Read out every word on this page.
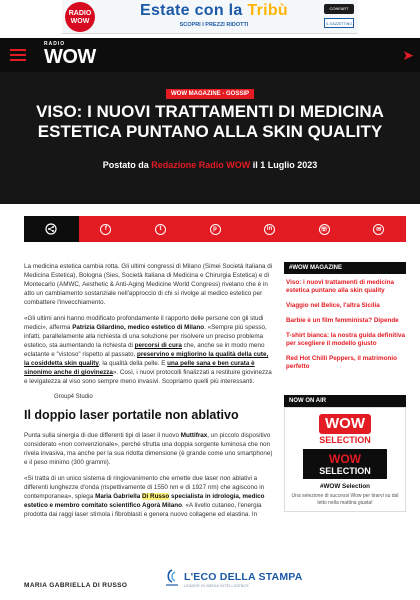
RADIO
WOW
Estate con la Tribù
SCOPRI I PREZZI RIDOTTI
CONFART
IL GAZZETTINO
RADIO
WOW	➤
WOW MAGAZINE - GOSSIP
VISO: I NUOVI TRATTAMENTI DI MEDICINA ESTETICA PUNTANO ALLA SKIN QUALITY
Postato da Redazione Radio WOW il 1 Luglio 2023
f	t	p	in	☏	✉

La medicina estetica cambia rotta. Gli ultimi congressi di Milano (Simei Società Italiana di Medicina Estetica), Bologna (Sies, Società Italiana di Medicina e Chirurgia Estetica) e di Montecarlo (AMWC, Aesthetic & Anti-Aging Medicine World Congress) rivelano che è in atto un cambiamento sostanziale nell'approccio di chi si rivolge al medico estetico per combattere l'invecchiamento.

«Gli ultimi anni hanno modificato profondamente il rapporto delle persone con gli studi medici», afferma Patrizia Gilardino, medico estetico di Milano. «Sempre più spesso, infatti, parallelamente alla richiesta di una soluzione per risolvere un preciso problema estetico, sta aumentando la richiesta di percorsi di cura che, anche se in modo meno eclatante e "vistoso" rispetto al passato, preservino e migliorino la qualità della cute, la cosiddetta skin quality, la qualità della pelle. E una pelle sana e ben curata è sinonimo anche di giovinezza». Così, i nuovi protocolli finalizzati a restituire giovinezza e levigatezza al viso sono sempre meno invasivi. Scopriamo quelli più interessanti.

Group4 Studio

Il doppio laser portatile non ablativo

Punta sulla sinergia di due differenti tipi di laser il nuovo Muttifrax, un piccolo dispositivo considerato «non convenzionale», perché sfrutta una doppia sorgente luminosa che non rivela invasiva, ma anche per la sua ridotta dimensione (è grande come uno smartphone) e il peso minimo (300 grammi).

«Si tratta di un unico sistema di ringiovanimento che emette due laser non ablativi a differenti lunghezze d'onda (rispettivamente di 1550 nm e di 1927 nm) che agiscono in contemporanea», spiega Maria Gabriella Di Russo specialista in idrologia, medico estetico e membro comitato scientifico Agorà Milano. «A livello cutaneo, l'energia prodotta dai raggi laser stimola i fibroblasti e genera nuovo collagene ed elastina. In

#WOW MAGAZINE
Viso: i nuovi trattamenti di medicina estetica puntano alla skin quality
Viaggio nel Belice, l'altra Sicilia
Barbie è un film femminista? Dipende
T-shirt bianca: la nostra guida definitiva per scegliere il modello giusto
Red Hot Chilli Peppers, il matrimonio perfetto
NOW ON AIR
WOW
SELECTION
WOW
SELECTION
#WOW Selection
Una selezione di successi Wow per tirarvi su dal letto nella mattina giusta!
MARIA GABRIELLA DI RUSSO
L'ECO DELLA STAMPA
LEADER IN MEDIA INTELLIGENCE
